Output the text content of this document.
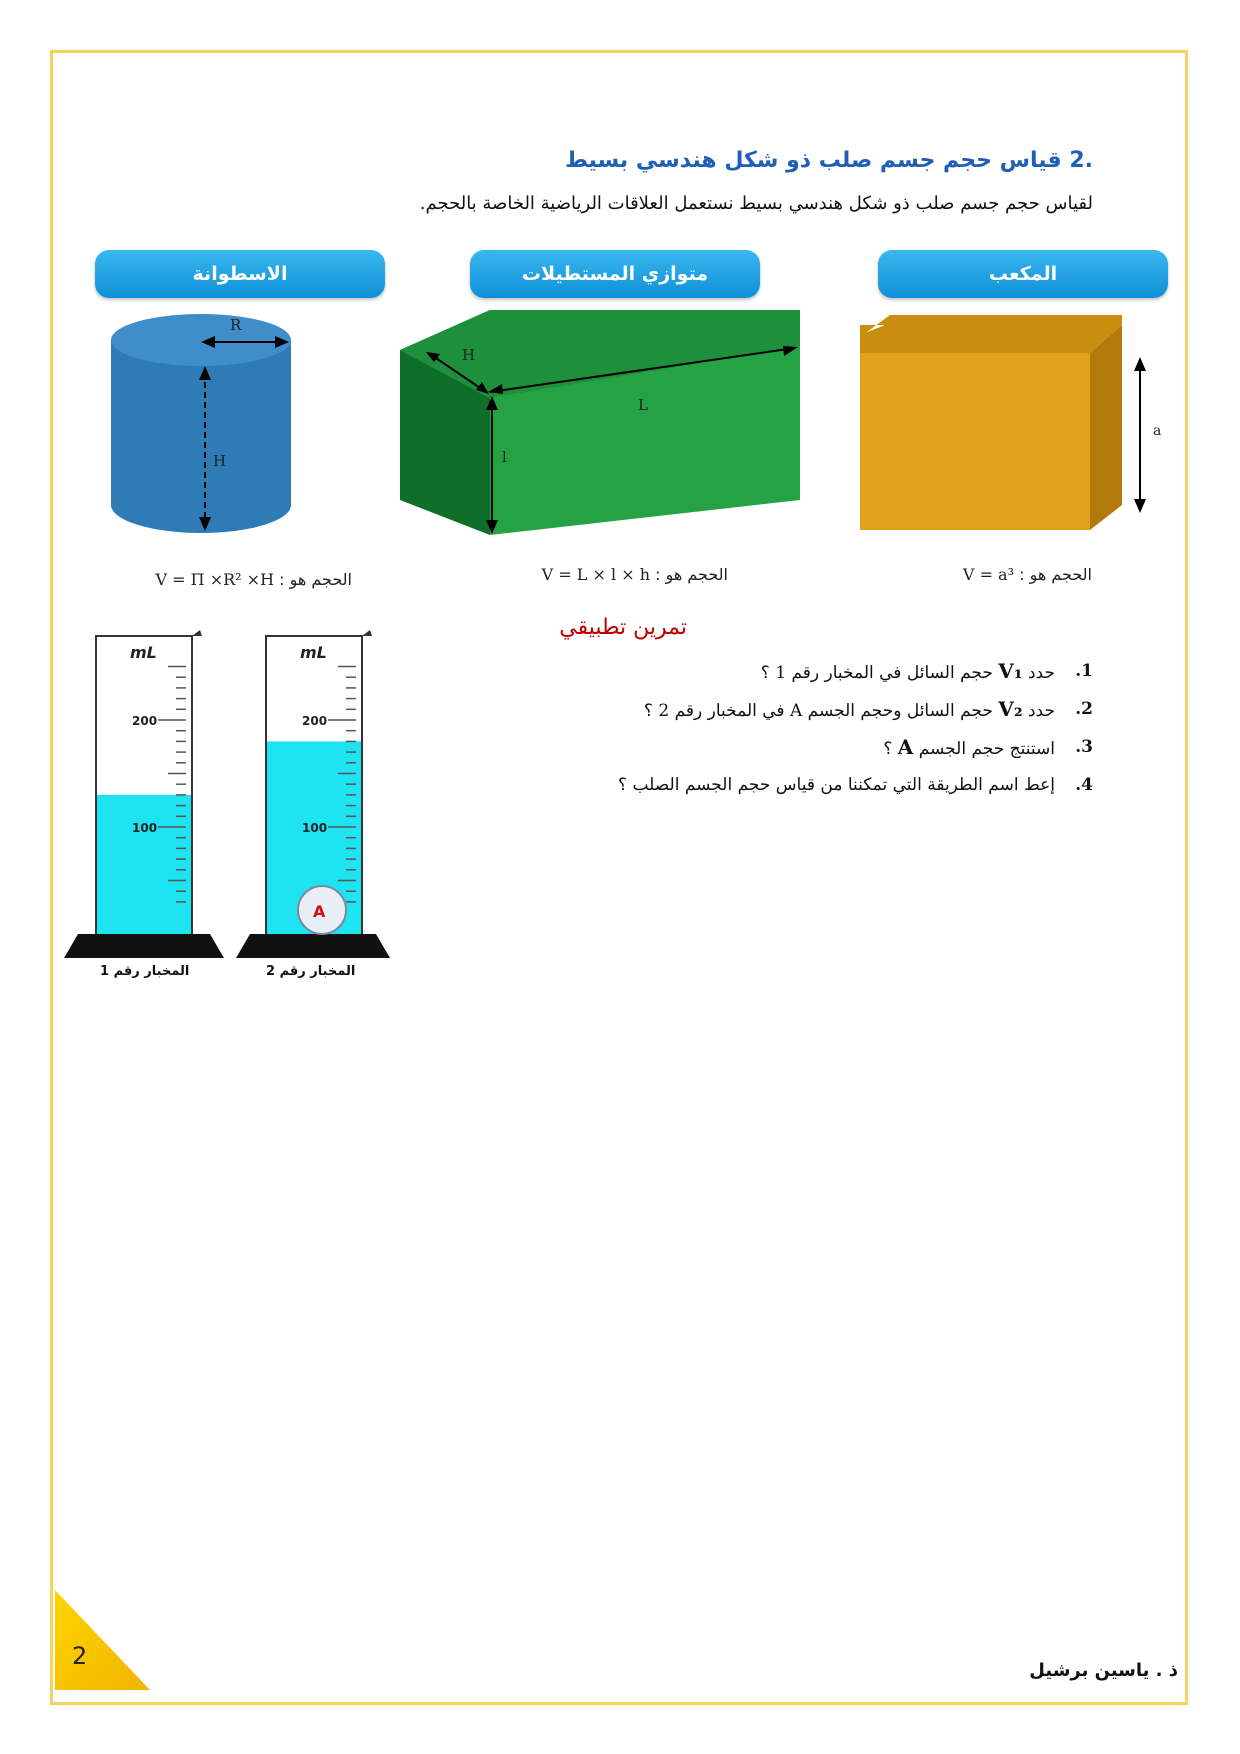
.2 قياس حجم جسم صلب ذو شكل هندسي بسيط
لقياس حجم جسم صلب ذو شكل هندسي بسيط نستعمل العلاقات الرياضية الخاصة بالحجم.
المكعب
متوازي المستطيلات
الاسطوانة
a
H
L
l
R
H
الحجم هو : V = a³
الحجم هو : V = L × l × h
الحجم هو : V = Π ×R² ×H
تمرين تطبيقي
1.
حدد V₁ حجم السائل في المخبار رقم 1 ؟
2.
حدد V₂ حجم السائل وحجم الجسم A في المخبار رقم 2 ؟
3.
استنتج حجم الجسم A ؟
4.
إعط اسم الطريقة التي تمكننا من قياس حجم الجسم الصلب ؟
mL
200
100
المخبار رقم 1
A
mL
200
100
المخبار رقم 2
2
ذ . ياسين برشيل
